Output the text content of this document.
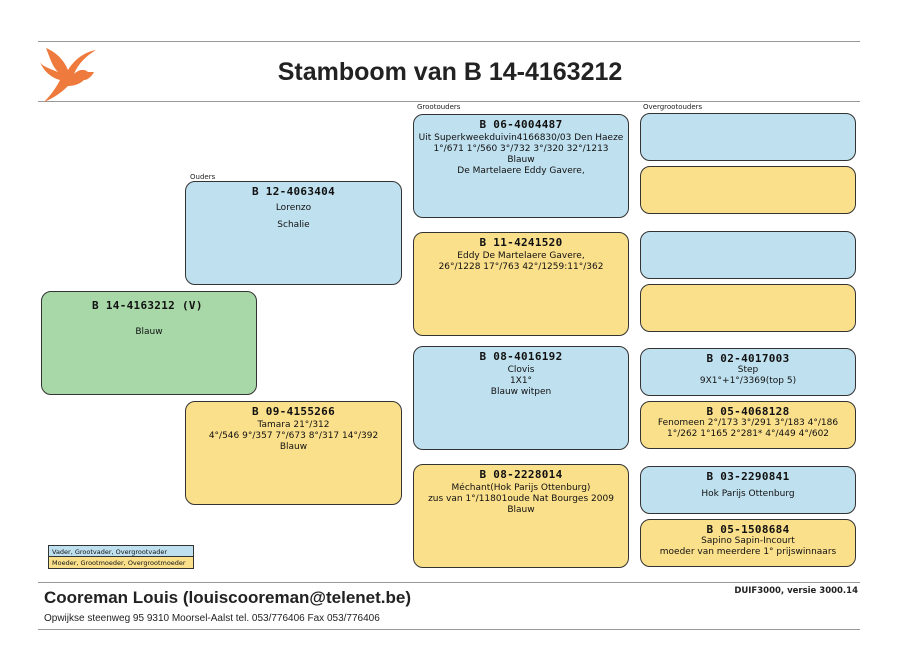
Stamboom van B 14-4163212
Ouders
Grootouders	Overgrootouders
B 14-4163212 (V)
Blauw
B 12-4063404
Lorenzo
Schalie
B 09-4155266
Tamara 21°/312
4°/546 9°/357 7°/673 8°/317 14°/392
Blauw
B 06-4004487
Uit Superkweekduivin4166830/03 Den Haeze
1°/671 1°/560 3°/732 3°/320 32°/1213
Blauw
De Martelaere Eddy Gavere,
B 11-4241520
Eddy De Martelaere Gavere,
26°/1228 17°/763 42°/1259:11°/362
B 08-4016192
Clovis
1X1°
Blauw witpen
B 08-2228014
Méchant(Hok Parijs Ottenburg)
zus van 1°/11801oude Nat Bourges 2009
Blauw
B 02-4017003
Step
9X1°+1°/3369(top 5)
B 05-4068128
Fenomeen 2°/173 3°/291 3°/183 4°/186
1°/262 1°165 2°281* 4°/449 4°/602
B 03-2290841
Hok Parijs Ottenburg
B 05-1508684
Sapino Sapin-Incourt
moeder van meerdere 1° prijswinnaars
Vader, Grootvader, Overgrootvader
Moeder, Grootmoeder, Overgrootmoeder
Cooreman Louis (louiscooreman@telenet.be)
Opwijkse steenweg 95 9310 Moorsel-Aalst tel. 053/776406 Fax 053/776406
DUIF3000, versie 3000.14
